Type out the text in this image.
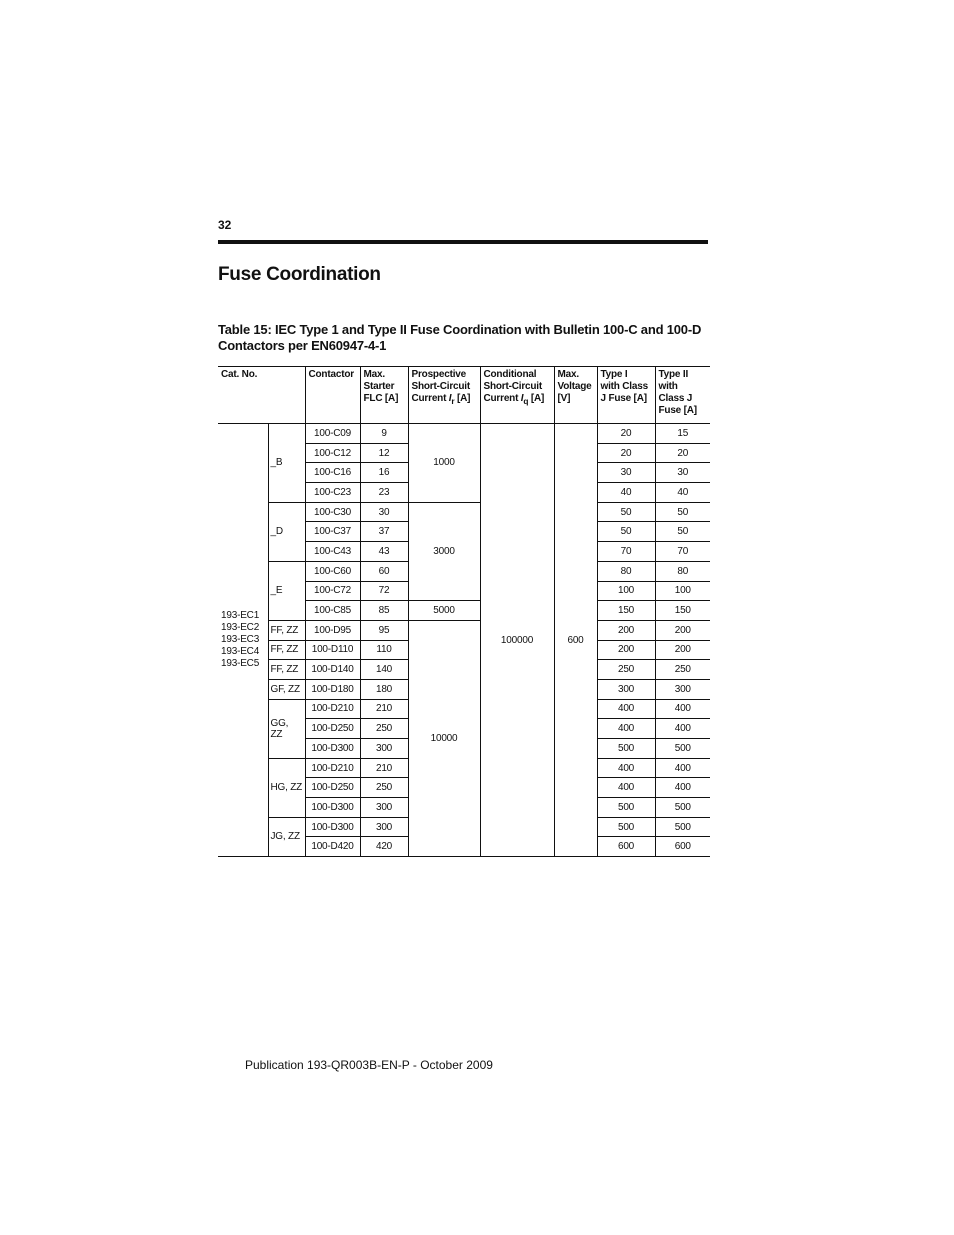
32
Fuse Coordination
Table 15: IEC Type 1 and Type II Fuse Coordination with Bulletin 100-C and 100-D Contactors per EN60947-4-1
Cat. No.		Contactor	Max.
Starter
FLC [A]	Prospective
Short-Circuit
Current $I_r$ [A]	Conditional
Short-Circuit
Current $I_q$ [A]	Max.
Voltage
[V]	Type I
with Class
J Fuse [A]	Type II
with
Class J
Fuse [A]

193-EC1
193-EC2
193-EC3
193-EC4
193-EC5	_B	100-C09	9	1000	100000	600	20	15
		100-C12	12				20	20
		100-C16	16				30	30
		100-C23	23				40	40
	_D	100-C30	30	3000			50	50
		100-C37	37				50	50
		100-C43	43				70	70
	_E	100-C60	60				80	80
		100-C72	72				100	100
		100-C85	85	5000			150	150
	FF, ZZ	100-D95	95	10000			200	200
	FF, ZZ	100-D110	110				200	200
	FF, ZZ	100-D140	140				250	250
	GF, ZZ	100-D180	180				300	300
	GG, ZZ	100-D210	210				400	400
		100-D250	250				400	400
		100-D300	300				500	500
	HG, ZZ	100-D210	210				400	400
		100-D250	250				400	400
		100-D300	300				500	500
	JG, ZZ	100-D300	300				500	500
		100-D420	420				600	600
Publication 193-QR003B-EN-P - October 2009
